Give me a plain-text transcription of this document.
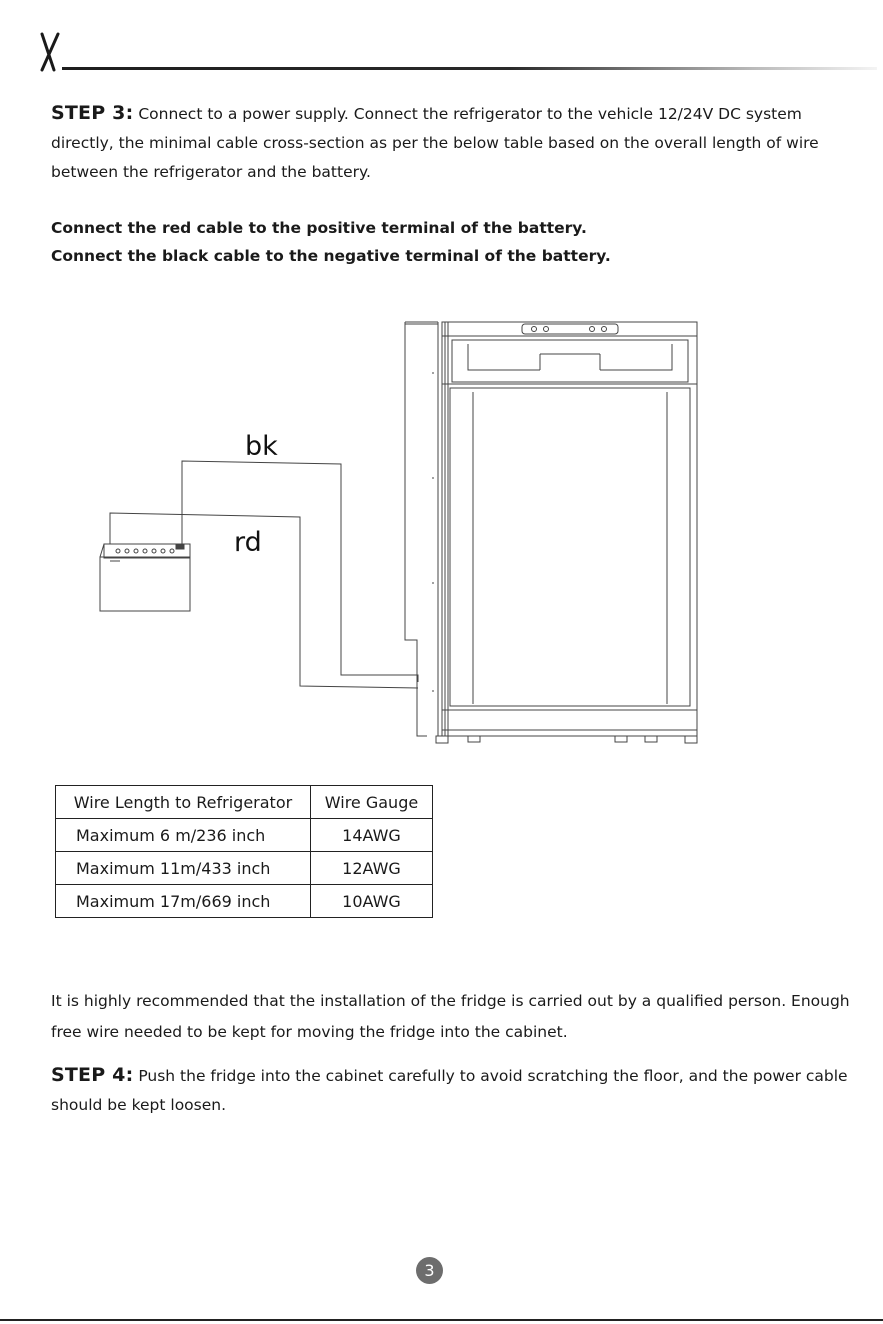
STEP 3: Connect to a power supply. Connect the refrigerator to the vehicle 12/24V DC system directly, the minimal cable cross-section as per the below table based on the overall length of wire between the refrigerator and the battery.

Connect the red cable to the positive terminal of the battery.

Connect the black cable to the negative terminal of the battery.

bk
rd
Wire Length to Refrigerator	Wire Gauge
Maximum 6 m/236 inch	14AWG
Maximum 11m/433 inch	12AWG
Maximum 17m/669 inch	10AWG

It is highly recommended that the installation of the fridge is carried out by a qualified person. Enough free wire needed to be kept for moving the fridge into the cabinet.

STEP 4: Push the fridge into the cabinet carefully to avoid scratching the floor, and the power cable should be kept loosen.

3
